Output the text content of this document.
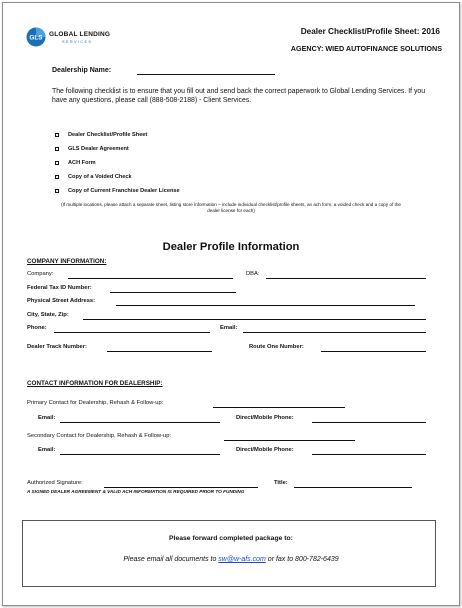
GLS
GLOBAL LENDING
SERVICES
Dealer Checklist/Profile Sheet: 2016
AGENCY: WIED AUTOFINANCE SOLUTIONS
Dealership Name:
The following checklist is to ensure that you fill out and send back the correct paperwork to Global Lending Services. If you have any questions, please call (888-508-2188) - Client Services.
Dealer Checklist/Profile Sheet
GLS Dealer Agreement
ACH Form
Copy of a Voided Check
Copy of Current Franchise Dealer License
(If multiple locations, please attach a separate sheet, listing store information – include individual checklist/profile sheets, an ach form, a voided check and a copy of the dealer license for each)
Dealer Profile Information
COMPANY INFORMATION:
Company:	DBA:
Federal Tax ID Number:
Physical Street Address:
City, State, Zip:
Phone:	Email:
Dealer Track Number:	Route One Number:
CONTACT INFORMATION FOR DEALERSHIP:
Primary Contact for Dealership, Rehash & Follow-up:
Email:	Direct/Mobile Phone:
Secondary Contact for Dealership, Rehash & Follow-up:
Email:	Direct/Mobile Phone:
Authorized Signature:	Title:
A SIGNED DEALER AGREEMENT & VALID ACH INFORMATION IS REQUIRED PRIOR TO FUNDING
Please forward completed package to:
Please email all documents to sw@w-afs.com or fax to 800-782-6439
